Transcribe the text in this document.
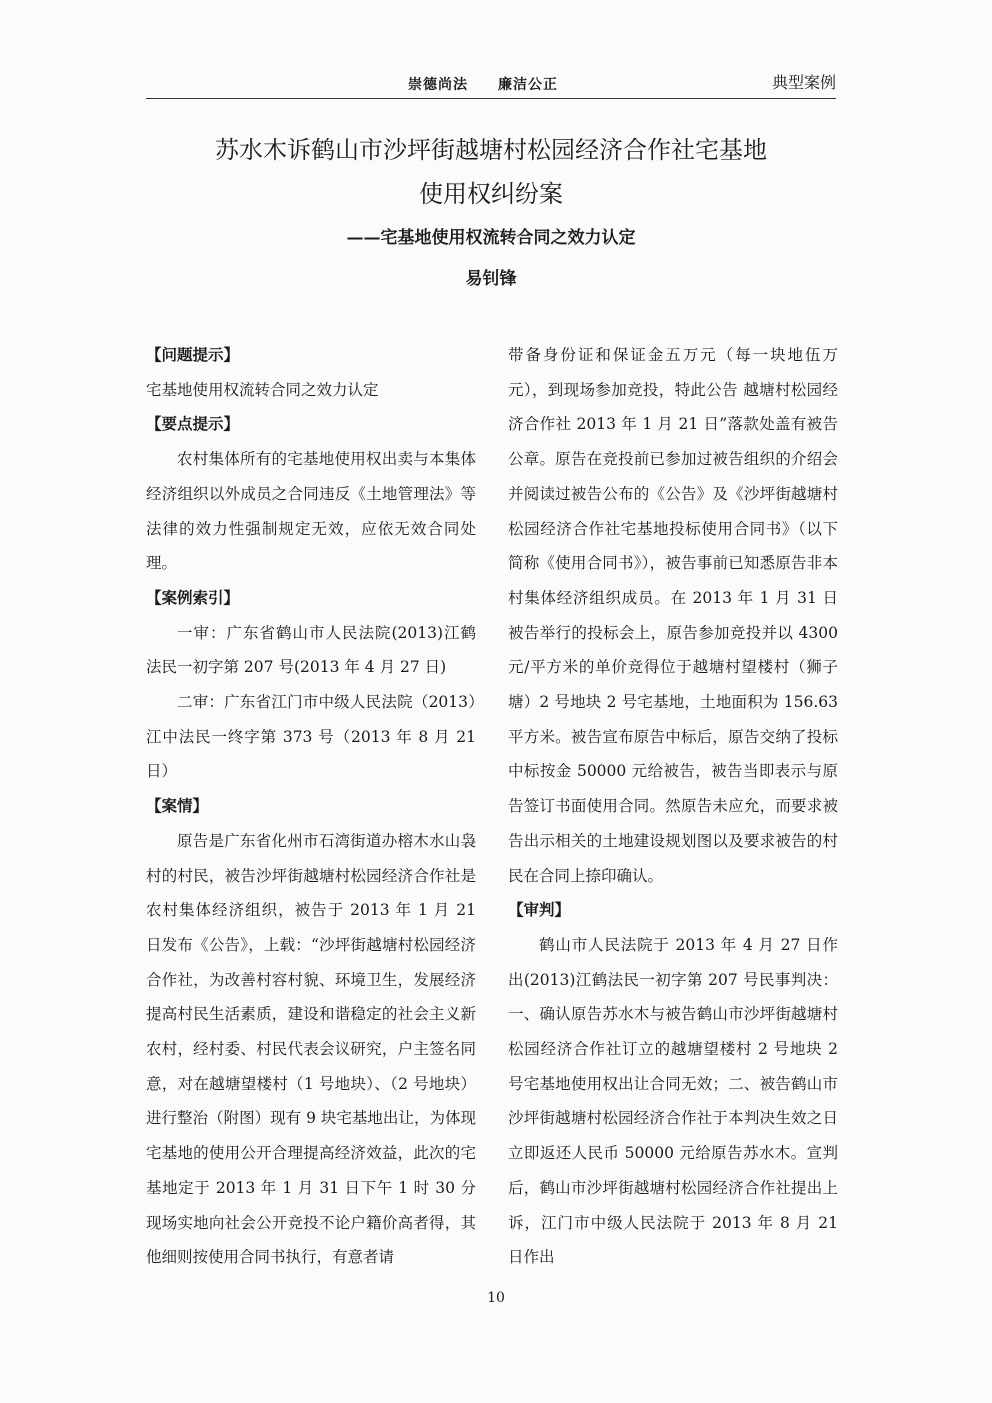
崇德尚法 廉洁公正	典型案例
苏水木诉鹤山市沙坪街越塘村松园经济合作社宅基地
使用权纠纷案
——宅基地使用权流转合同之效力认定
易钊锋

【问题提示】

宅基地使用权流转合同之效力认定

【要点提示】

农村集体所有的宅基地使用权出卖与本集体经济组织以外成员之合同违反《土地管理法》等法律的效力性强制规定无效，应依无效合同处理。

【案例索引】

一审：广东省鹤山市人民法院(2013)江鹤法民一初字第 207 号(2013 年 4 月 27 日)

二审：广东省江门市中级人民法院（2013）江中法民一终字第 373 号（2013 年 8 月 21 日）

【案情】

原告是广东省化州市石湾街道办榕木水山袅村的村民，被告沙坪街越塘村松园经济合作社是农村集体经济组织，被告于 2013 年 1 月 21 日发布《公告》，上载：“沙坪街越塘村松园经济合作社，为改善村容村貌、环境卫生，发展经济提高村民生活素质，建设和谐稳定的社会主义新农村，经村委、村民代表会议研究，户主签名同意，对在越塘望楼村（1 号地块）、（2 号地块）进行整治（附图）现有 9 块宅基地出让，为体现宅基地的使用公开合理提高经济效益，此次的宅基地定于 2013 年 1 月 31 日下午 1 时 30 分现场实地向社会公开竞投不论户籍价高者得，其他细则按使用合同书执行，有意者请

带备身份证和保证金五万元（每一块地伍万元），到现场参加竞投，特此公告 越塘村松园经济合作社 2013 年 1 月 21 日”落款处盖有被告公章。原告在竞投前已参加过被告组织的介绍会并阅读过被告公布的《公告》及《沙坪街越塘村松园经济合作社宅基地投标使用合同书》（以下简称《使用合同书》），被告事前已知悉原告非本村集体经济组织成员。在 2013 年 1 月 31 日被告举行的投标会上，原告参加竞投并以 4300 元/平方米的单价竞得位于越塘村望楼村（狮子塘）2 号地块 2 号宅基地，土地面积为 156.63 平方米。被告宣布原告中标后，原告交纳了投标中标按金 50000 元给被告，被告当即表示与原告签订书面使用合同。然原告未应允，而要求被告出示相关的土地建设规划图以及要求被告的村民在合同上捺印确认。

【审判】

鹤山市人民法院于 2013 年 4 月 27 日作出(2013)江鹤法民一初字第 207 号民事判决：一、确认原告苏水木与被告鹤山市沙坪街越塘村松园经济合作社订立的越塘望楼村 2 号地块 2 号宅基地使用权出让合同无效；二、被告鹤山市沙坪街越塘村松园经济合作社于本判决生效之日立即返还人民币 50000 元给原告苏水木。宣判后，鹤山市沙坪街越塘村松园经济合作社提出上诉，江门市中级人民法院于 2013 年 8 月 21 日作出

10
